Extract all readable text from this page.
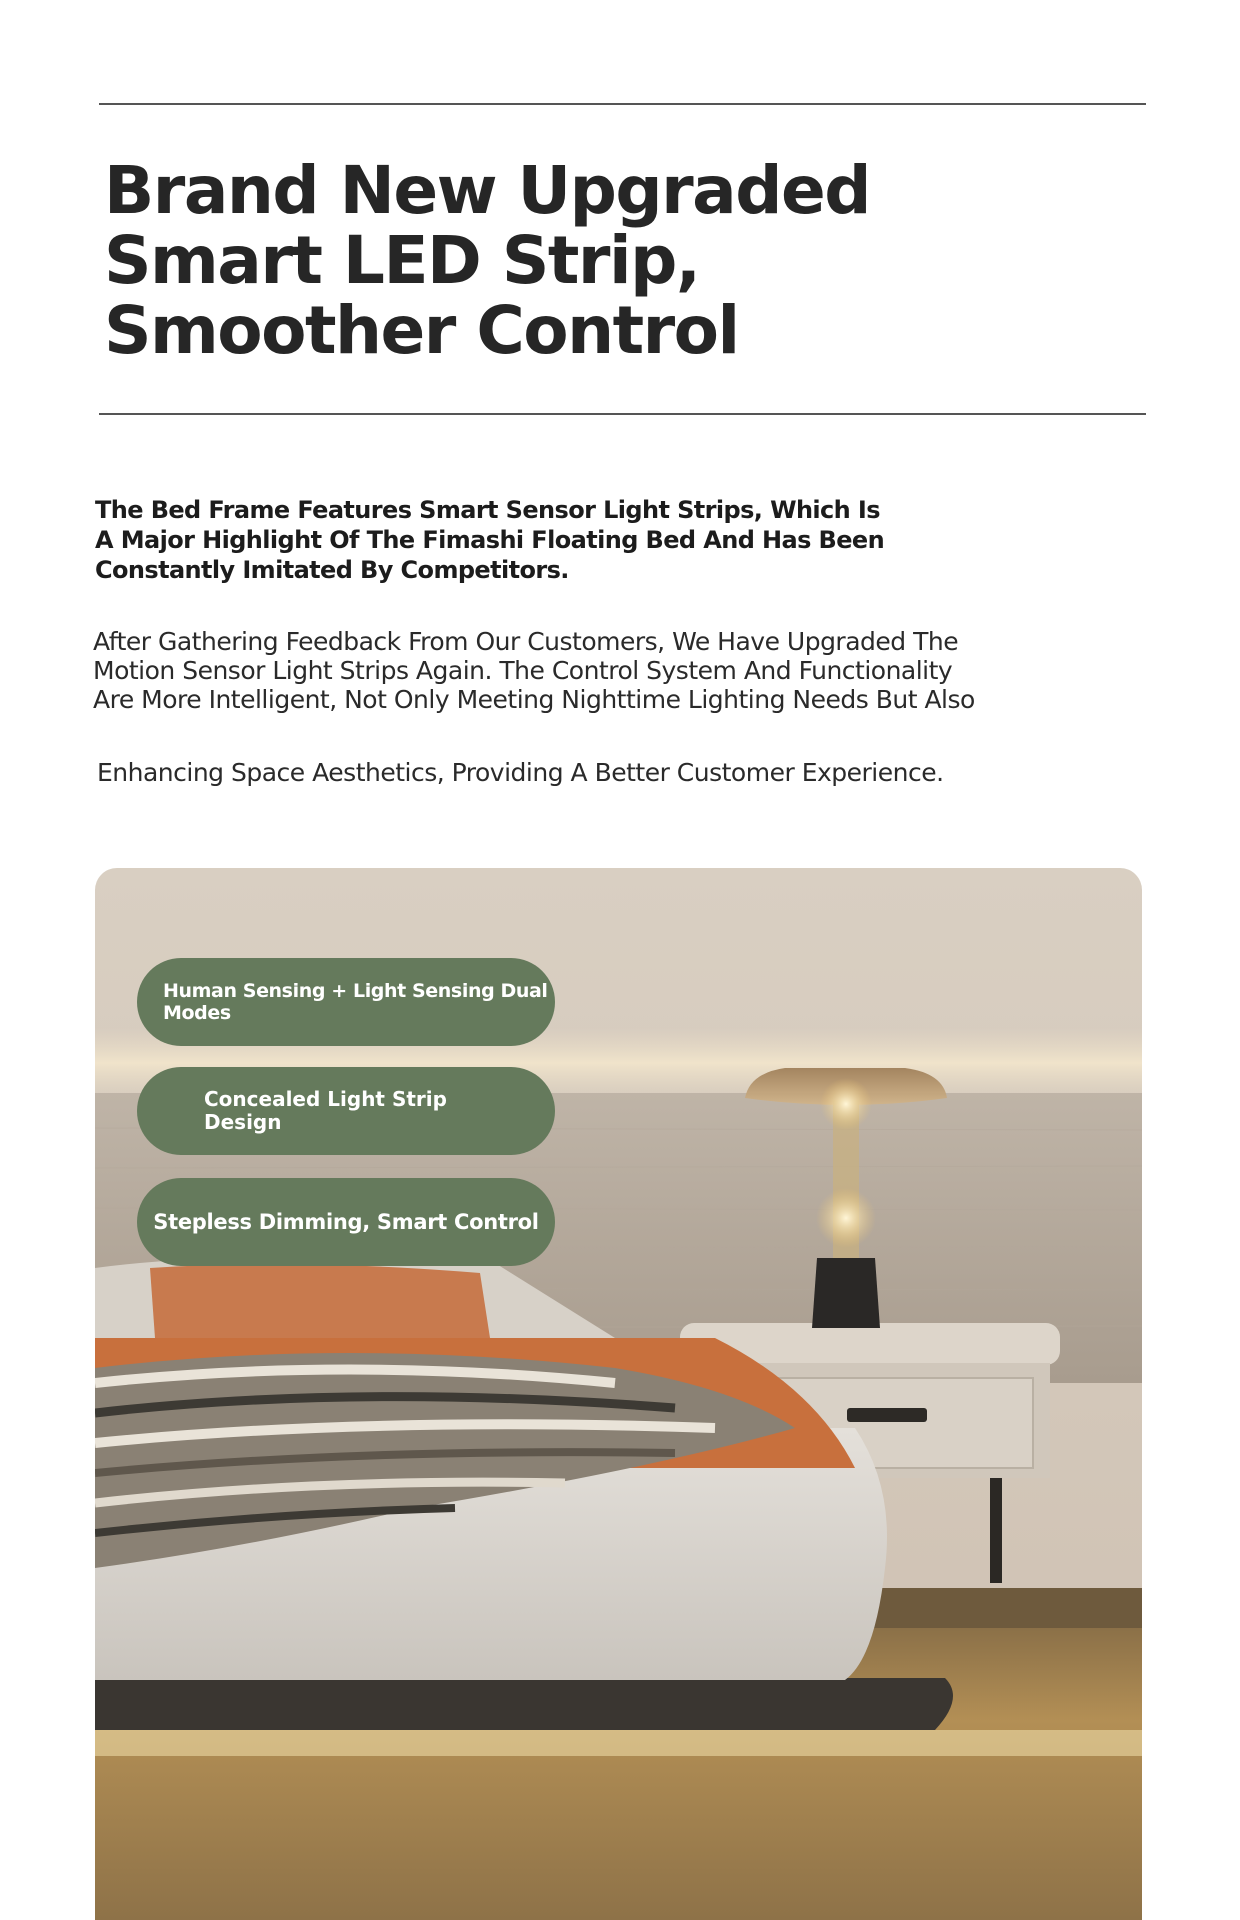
Brand New Upgraded Smart LED Strip, Smoother Control

The Bed Frame Features Smart Sensor Light Strips, Which Is A Major Highlight Of The Fimashi Floating Bed And Has Been Constantly Imitated By Competitors.

After Gathering Feedback From Our Customers, We Have Upgraded The Motion Sensor Light Strips Again. The Control System And Functionality Are More Intelligent, Not Only Meeting Nighttime Lighting Needs But Also

Enhancing Space Aesthetics, Providing A Better Customer Experience.

Human Sensing + Light Sensing Dual Modes
Concealed Light Strip Design
Stepless Dimming, Smart Control
